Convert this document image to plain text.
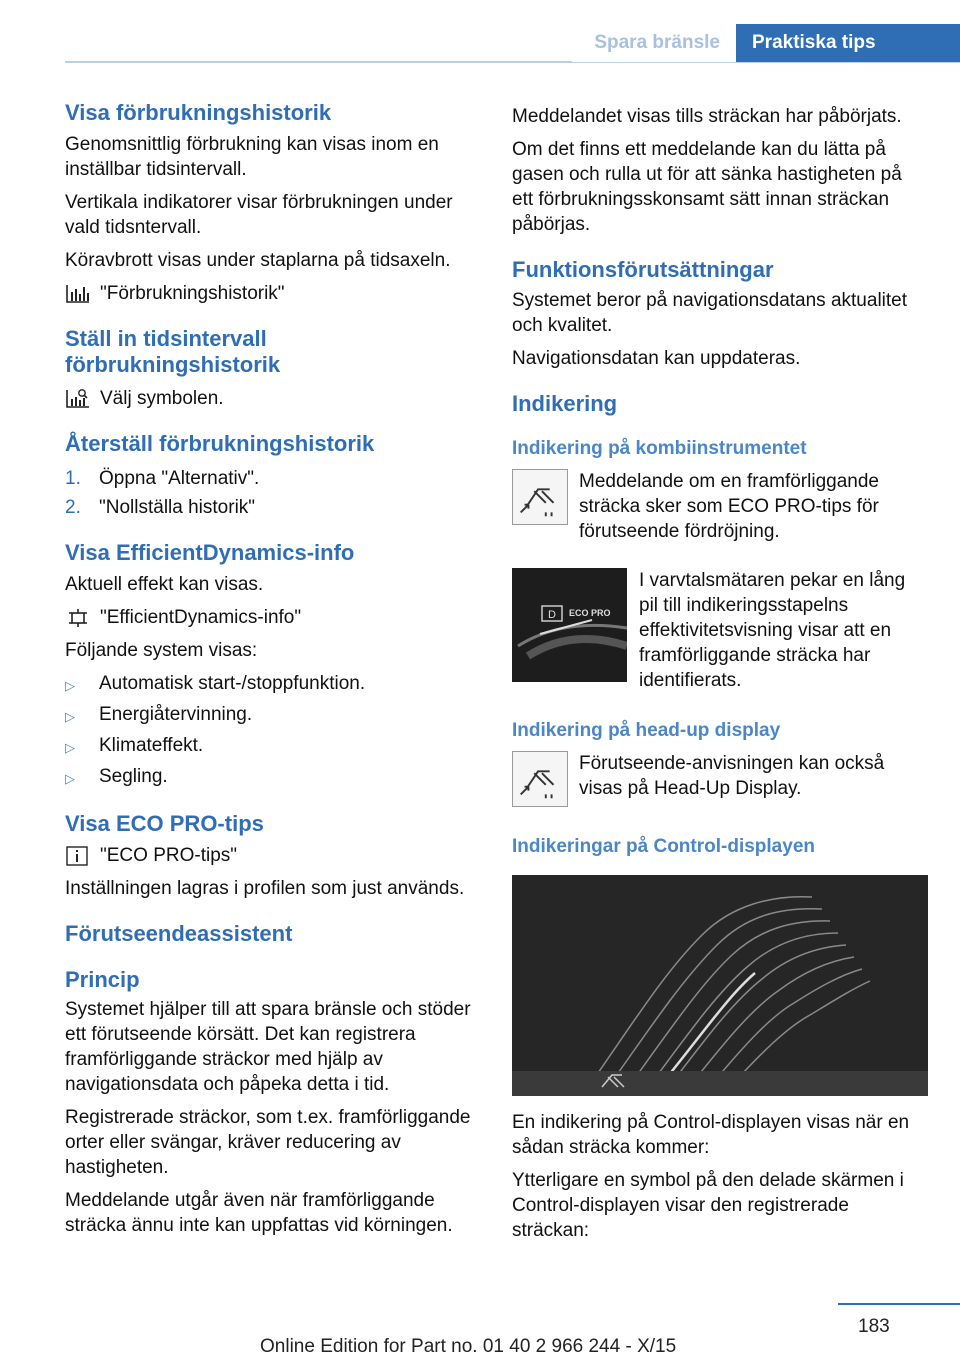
Spara bränsle	Praktiska tips
Visa förbrukningshistorik

Genomsnittlig förbrukning kan visas inom en inställbar tidsintervall.

Vertikala indikatorer visar förbrukningen under vald tidsntervall.

Köravbrott visas under staplarna på tidsaxeln.

"Förbrukningshistorik"
Ställ in tidsintervall förbrukningshistorik
Välj symbolen.
Återställ förbrukningshistorik
1. Öppna "Alternativ".
2. "Nollställa historik"
Visa EfficientDynamics-info

Aktuell effekt kan visas.

"EfficientDynamics-info"

Följande system visas:

▷	Automatisk start-/stoppfunktion.
▷	Energiåtervinning.
▷	Klimateffekt.
▷	Segling.
Visa ECO PRO-tips
"ECO PRO-tips"

Inställningen lagras i profilen som just används.

Förutseendeassistent
Princip

Systemet hjälper till att spara bränsle och stöder ett förutseende körsätt. Det kan registrera framförliggande sträckor med hjälp av navigationsdata och påpeka detta i tid.

Registrerade sträckor, som t.ex. framförliggande orter eller svängar, kräver reducering av hastigheten.

Meddelande utgår även när framförliggande sträcka ännu inte kan uppfattas vid körningen.

Meddelandet visas tills sträckan har påbörjats.

Om det finns ett meddelande kan du lätta på gasen och rulla ut för att sänka hastigheten på ett förbrukningsskonsamt sätt innan sträckan påbörjas.

Funktionsförutsättningar

Systemet beror på navigationsdatans aktualitet och kvalitet.

Navigationsdatan kan uppdateras.

Indikering
Indikering på kombiinstrumentet
Meddelande om en framförliggande sträcka sker som ECO PRO-tips för förutseende fördröjning.
D ECO PRO
I varvtalsmätaren pekar en lång pil till indikeringsstapelns effektivitetsvisning visar att en framförliggande sträcka har identifierats.
Indikering på head-up display
Förutseende-anvisningen kan också visas på Head-Up Display.
Indikeringar på Control-displayen

En indikering på Control-displayen visas när en sådan sträcka kommer:

Ytterligare en symbol på den delade skärmen i Control-displayen visar den registrerade sträckan:

183
Online Edition for Part no. 01 40 2 966 244 - X/15
